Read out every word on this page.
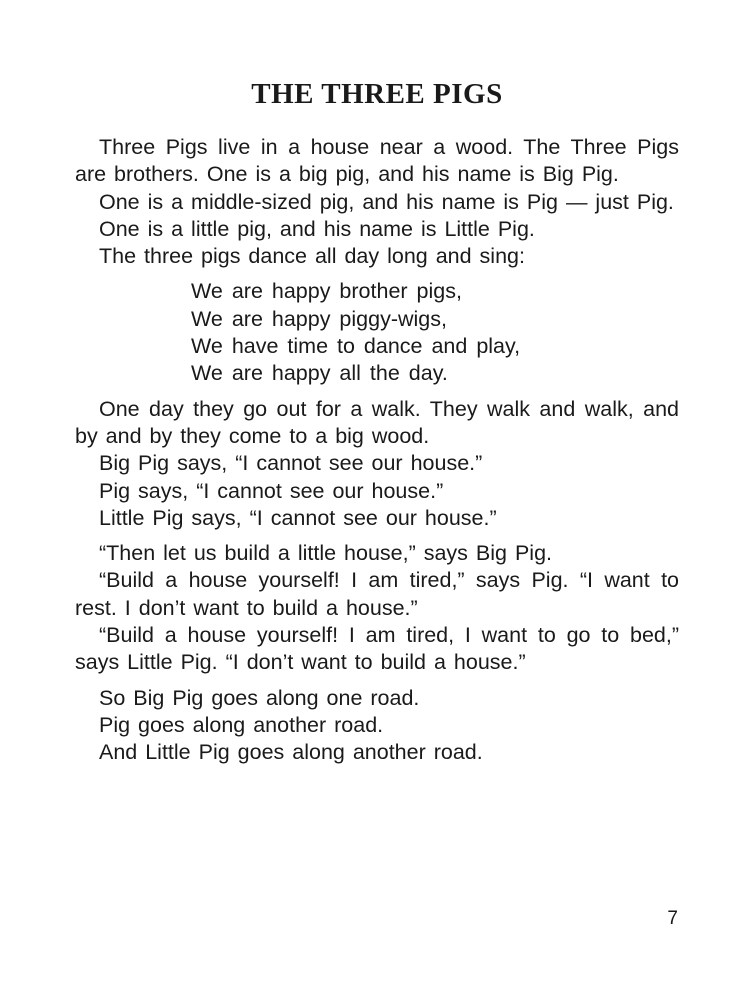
THE THREE PIGS

Three Pigs live in a house near a wood. The Three Pigs are brothers. One is a big pig, and his name is Big Pig.

One is a middle-sized pig, and his name is Pig — just Pig.

One is a little pig, and his name is Little Pig.

The three pigs dance all day long and sing:

We are happy brother pigs,
We are happy piggy-wigs,
We have time to dance and play,
We are happy all the day.

One day they go out for a walk. They walk and walk, and by and by they come to a big wood.

Big Pig says, “I cannot see our house.”

Pig says, “I cannot see our house.”

Little Pig says, “I cannot see our house.”

“Then let us build a little house,” says Big Pig.

“Build a house yourself! I am tired,” says Pig. “I want to rest. I don’t want to build a house.”

“Build a house yourself! I am tired, I want to go to bed,” says Little Pig. “I don’t want to build a house.”

So Big Pig goes along one road.

Pig goes along another road.

And Little Pig goes along another road.

7
